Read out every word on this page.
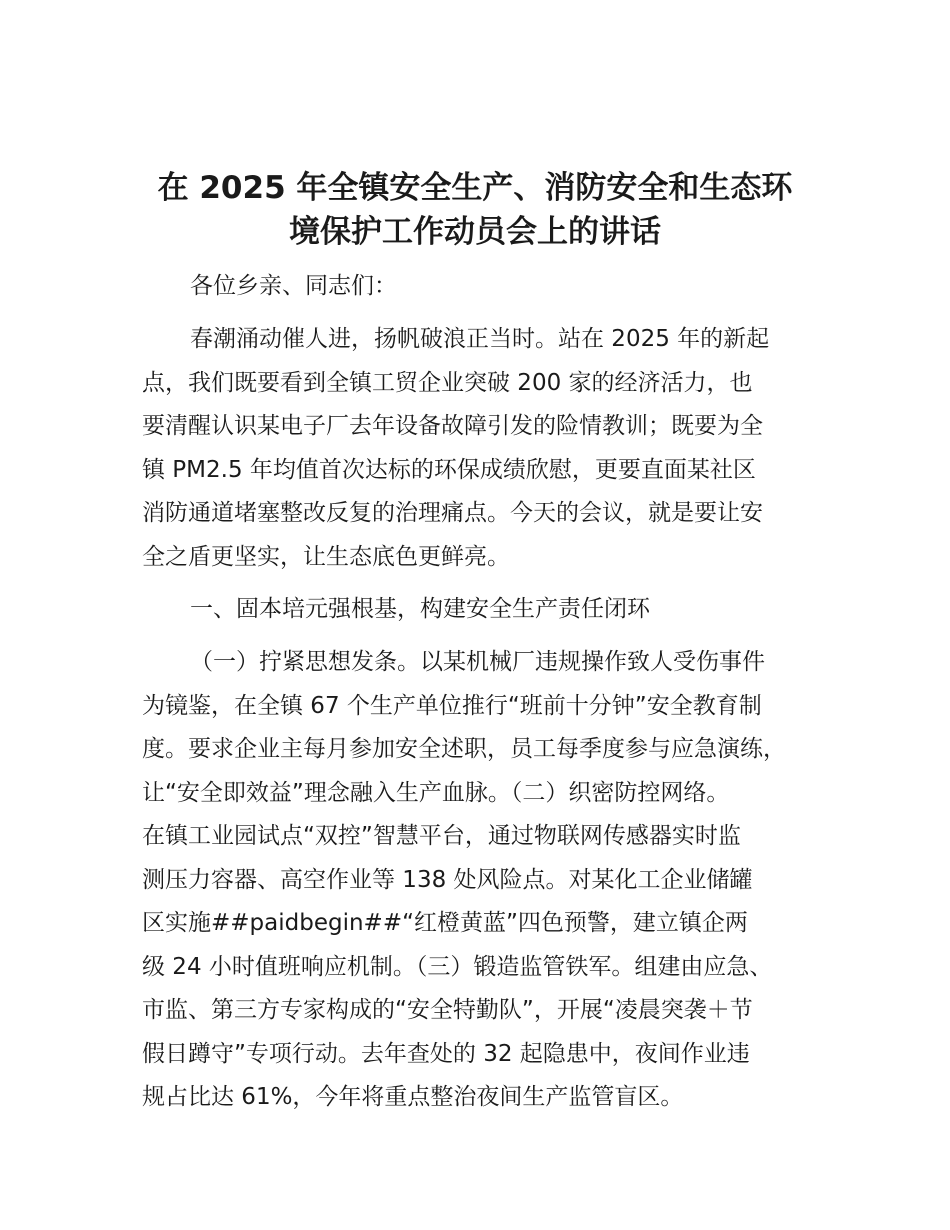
在 2025 年全镇安全生产、消防安全和生态环
境保护工作动员会上的讲话

各位乡亲、同志们：

春潮涌动催人进，扬帆破浪正当时。站在 2025 年的新起
点，我们既要看到全镇工贸企业突破 200 家的经济活力，也
要清醒认识某电子厂去年设备故障引发的险情教训；既要为全
镇 PM2.5 年均值首次达标的环保成绩欣慰，更要直面某社区
消防通道堵塞整改反复的治理痛点。今天的会议，就是要让安
全之盾更坚实，让生态底色更鲜亮。

一、固本培元强根基，构建安全生产责任闭环

（一）拧紧思想发条。以某机械厂违规操作致人受伤事件
为镜鉴，在全镇 67 个生产单位推行“班前十分钟”安全教育制
度。要求企业主每月参加安全述职，员工每季度参与应急演练，
让“安全即效益”理念融入生产血脉。（二）织密防控网络。
在镇工业园试点“双控”智慧平台，通过物联网传感器实时监
测压力容器、高空作业等 138 处风险点。对某化工企业储罐
区实施##paidbegin##“红橙黄蓝”四色预警，建立镇企两
级 24 小时值班响应机制。（三）锻造监管铁军。组建由应急、
市监、第三方专家构成的“安全特勤队”，开展“凌晨突袭＋节
假日蹲守”专项行动。去年查处的 32 起隐患中，夜间作业违
规占比达 61%，今年将重点整治夜间生产监管盲区。
